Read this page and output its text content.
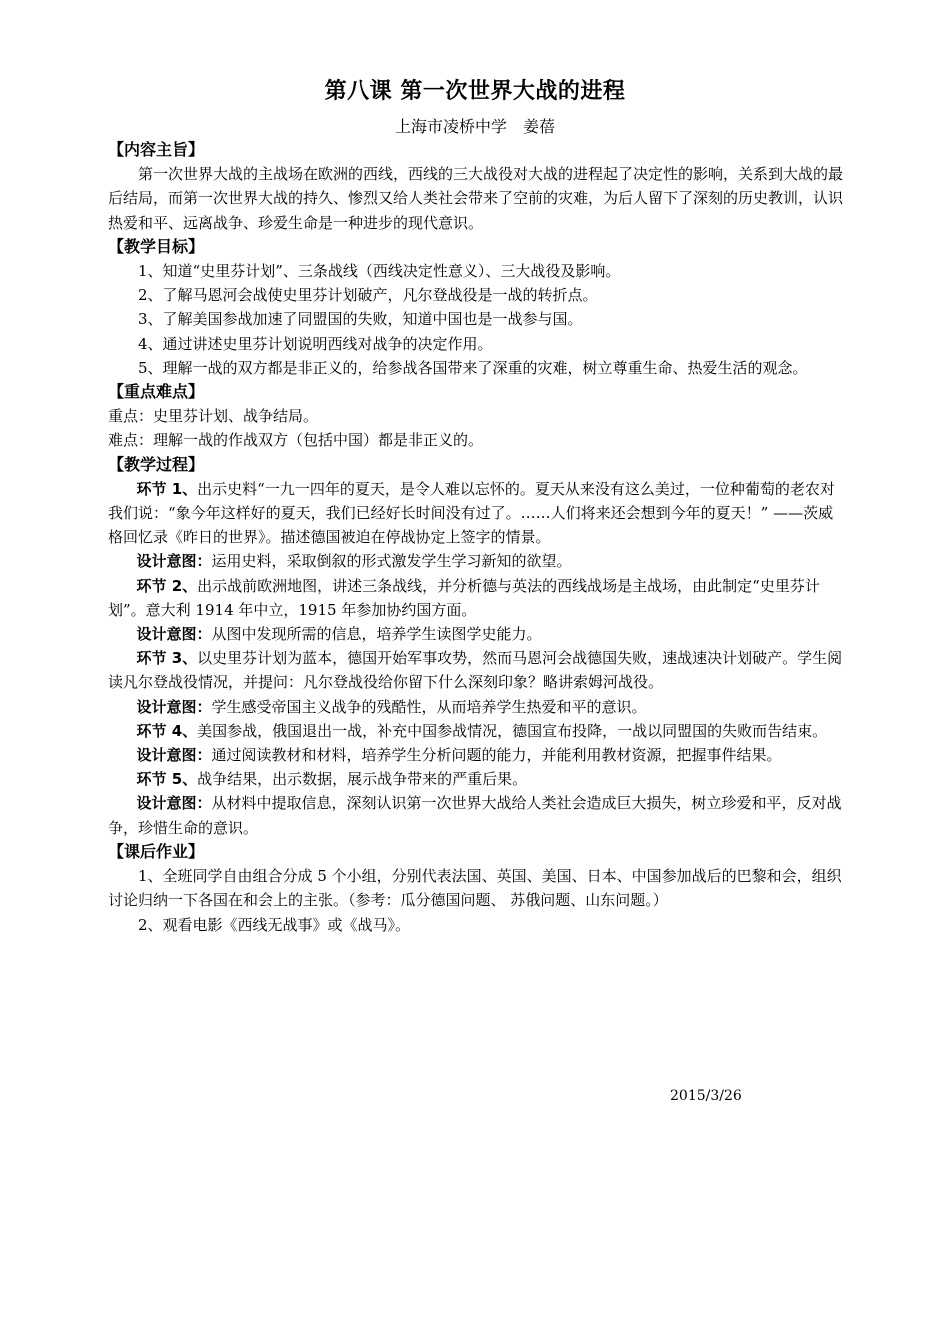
第八课 第一次世界大战的进程
上海市凌桥中学　姜蓓

【内容主旨】

第一次世界大战的主战场在欧洲的西线，西线的三大战役对大战的进程起了决定性的影响，关系到大战的最后结局，而第一次世界大战的持久、惨烈又给人类社会带来了空前的灾难，为后人留下了深刻的历史教训，认识热爱和平、远离战争、珍爱生命是一种进步的现代意识。

【教学目标】

1、知道“史里芬计划”、三条战线（西线决定性意义）、三大战役及影响。

2、了解马恩河会战使史里芬计划破产，凡尔登战役是一战的转折点。

3、了解美国参战加速了同盟国的失败，知道中国也是一战参与国。

4、通过讲述史里芬计划说明西线对战争的决定作用。

5、理解一战的双方都是非正义的，给参战各国带来了深重的灾难，树立尊重生命、热爱生活的观念。

【重点难点】

重点：史里芬计划、战争结局。

难点：理解一战的作战双方（包括中国）都是非正义的。

【教学过程】

环节 1、出示史料“一九一四年的夏天，是令人难以忘怀的。夏天从来没有这么美过，一位种葡萄的老农对我们说：“象今年这样好的夏天，我们已经好长时间没有过了。……人们将来还会想到今年的夏天！” ——茨威格回忆录《昨日的世界》。描述德国被迫在停战协定上签字的情景。

设计意图：运用史料，采取倒叙的形式激发学生学习新知的欲望。

环节 2、出示战前欧洲地图，讲述三条战线，并分析德与英法的西线战场是主战场，由此制定“史里芬计划”。意大利 1914 年中立，1915 年参加协约国方面。

设计意图：从图中发现所需的信息，培养学生读图学史能力。

环节 3、以史里芬计划为蓝本，德国开始军事攻势，然而马恩河会战德国失败，速战速决计划破产。学生阅读凡尔登战役情况，并提问：凡尔登战役给你留下什么深刻印象？略讲索姆河战役。

设计意图：学生感受帝国主义战争的残酷性，从而培养学生热爱和平的意识。

环节 4、美国参战，俄国退出一战，补充中国参战情况，德国宣布投降，一战以同盟国的失败而告结束。

设计意图：通过阅读教材和材料，培养学生分析问题的能力，并能利用教材资源，把握事件结果。

环节 5、战争结果，出示数据，展示战争带来的严重后果。

设计意图：从材料中提取信息，深刻认识第一次世界大战给人类社会造成巨大损失，树立珍爱和平，反对战争，珍惜生命的意识。

【课后作业】

1、全班同学自由组合分成 5 个小组，分别代表法国、英国、美国、日本、中国参加战后的巴黎和会，组织讨论归纳一下各国在和会上的主张。（参考：瓜分德国问题、 苏俄问题、山东问题。）

2、观看电影《西线无战事》或《战马》。

2015/3/26
